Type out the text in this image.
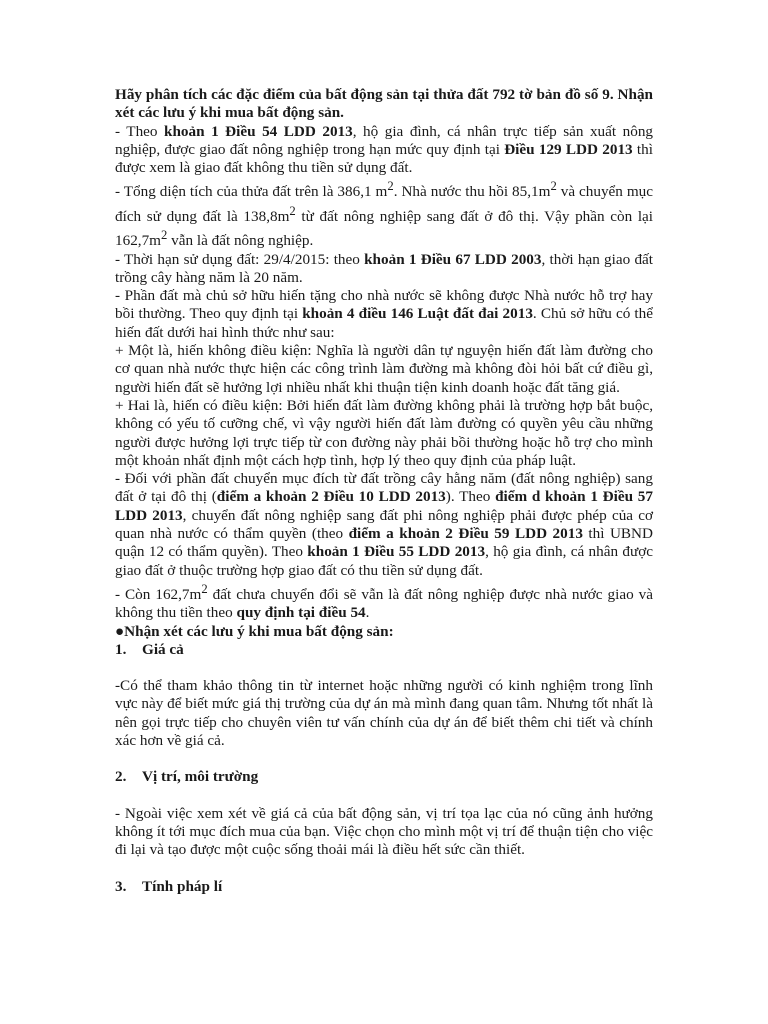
Hãy phân tích các đặc điểm của bất động sản tại thửa đất 792 tờ bản đồ số 9. Nhận xét các lưu ý khi mua bất động sản.

- Theo khoản 1 Điều 54 LDD 2013, hộ gia đình, cá nhân trực tiếp sản xuất nông nghiệp, được giao đất nông nghiệp trong hạn mức quy định tại Điều 129 LDD 2013 thì được xem là giao đất không thu tiền sử dụng đất.

- Tổng diện tích của thửa đất trên là 386,1 $m^2$. Nhà nước thu hồi $85,1m^2$ và chuyển mục đích sử dụng đất là $138,8m^2$ từ đất nông nghiệp sang đất ở đô thị. Vậy phần còn lại $162,7m^2$ vẫn là đất nông nghiệp.

- Thời hạn sử dụng đất: 29/4/2015: theo khoản 1 Điều 67 LDD 2003, thời hạn giao đất trồng cây hàng năm là 20 năm.

- Phần đất mà chủ sở hữu hiến tặng cho nhà nước sẽ không được Nhà nước hỗ trợ hay bồi thường. Theo quy định tại khoản 4 điều 146 Luật đất đai 2013. Chủ sở hữu có thể hiến đất dưới hai hình thức như sau:

+ Một là, hiến không điều kiện: Nghĩa là người dân tự nguyện hiến đất làm đường cho cơ quan nhà nước thực hiện các công trình làm đường mà không đòi hỏi bất cứ điều gì, người hiến đất sẽ hưởng lợi nhiều nhất khi thuận tiện kinh doanh hoặc đất tăng giá.

+ Hai là, hiến có điều kiện: Bởi hiến đất làm đường không phải là trường hợp bắt buộc, không có yếu tố cưỡng chế, vì vậy người hiến đất làm đường có quyền yêu cầu những người được hưởng lợi trực tiếp từ con đường này phải bồi thường hoặc hỗ trợ cho mình một khoản nhất định một cách hợp tình, hợp lý theo quy định của pháp luật.

- Đối với phần đất chuyển mục đích từ đất trồng cây hằng năm (đất nông nghiệp) sang đất ở tại đô thị (điểm a khoản 2 Điều 10 LDD 2013). Theo điểm d khoản 1 Điều 57 LDD 2013, chuyển đất nông nghiệp sang đất phi nông nghiệp phải được phép của cơ quan nhà nước có thẩm quyền (theo điểm a khoản 2 Điều 59 LDD 2013 thì UBND quận 12 có thẩm quyền). Theo khoản 1 Điều 55 LDD 2013, hộ gia đình, cá nhân được giao đất ở thuộc trường hợp giao đất có thu tiền sử dụng đất.

- Còn $162,7m^2$ đất chưa chuyển đổi sẽ vẫn là đất nông nghiệp được nhà nước giao và không thu tiền theo quy định tại điều 54.

●Nhận xét các lưu ý khi mua bất động sản:

1.	Giá cả

-Có thể tham khảo thông tin từ internet hoặc những người có kinh nghiệm trong lĩnh vực này để biết mức giá thị trường của dự án mà mình đang quan tâm. Nhưng tốt nhất là nên gọi trực tiếp cho chuyên viên tư vấn chính của dự án để biết thêm chi tiết và chính xác hơn về giá cả.

2.	Vị trí, môi trường

- Ngoài việc xem xét về giá cả của bất động sản, vị trí tọa lạc của nó cũng ảnh hưởng không ít tới mục đích mua của bạn. Việc chọn cho mình một vị trí để thuận tiện cho việc đi lại và tạo được một cuộc sống thoải mái là điều hết sức cần thiết.

3.	Tính pháp lí
